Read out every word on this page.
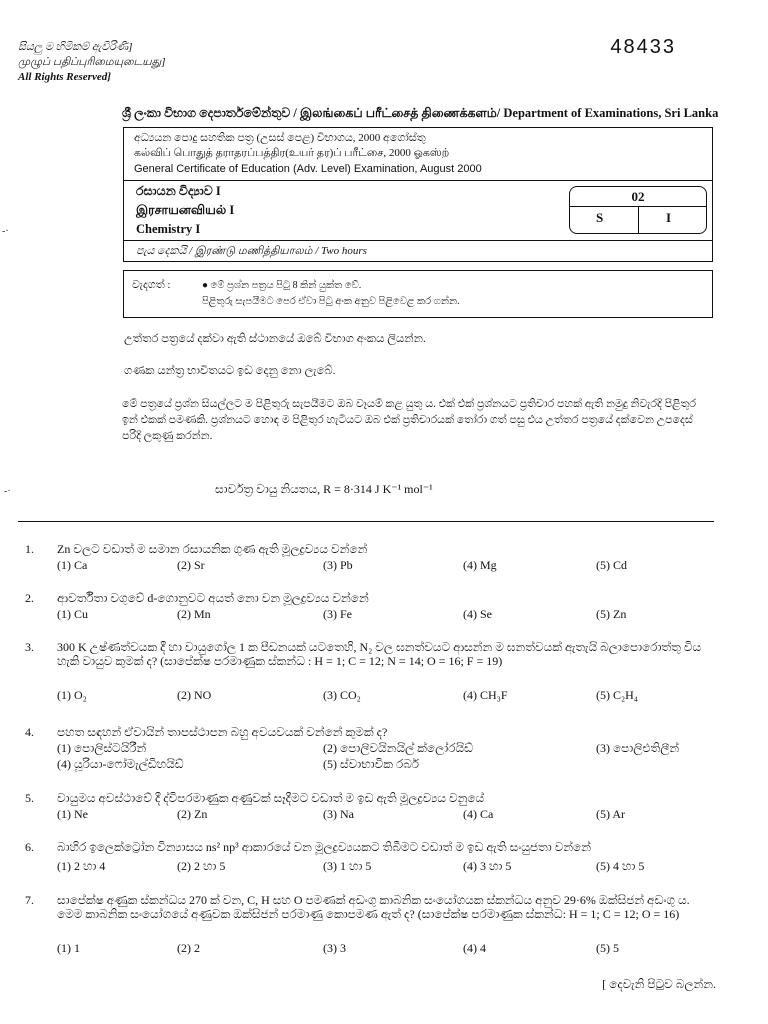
සියලු ම හිමිකම් ඇවිරිණි]
முழுப் பதிப்புரிமையுடையது]
All Rights Reserved]
48433
ශ්‍රී ලංකා විභාග දෙපාර්තමේන්තුව / இலங்கைப் பரீட்சைத் திணைக்களம்/ Department of Examinations, Sri Lanka
අධ්‍යයන පොදු සහතික පත්‍ර (උසස් පෙළ) විභාගය, 2000 අගෝස්තු
கல்விப் பொதுத் தராதரப்பத்திர(உயர் தர)ப் பரீட்சை, 2000 ஓகஸ்ற்
General Certificate of Education (Adv. Level) Examination, August 2000
රසායන විද්‍යාව I
இரசாயனவியல் I
Chemistry I
02
S	I
පැය දෙකයි / இரண்டு மணித்தியாலம் / Two hours
වැදගත් :	● මේ ප්‍රශ්න පත්‍රය පිටු 8 කින් යුක්ත වේ.
පිළිතුරු සැපයීමට පෙර ඒවා පිටු අංක අනුව පිළිවෙළ කර ගන්න.
උත්තර පත්‍රයේ දක්වා ඇති ස්ථානයේ ඔබේ විභාග අංකය ලියන්න.
ගණක යන්ත්‍ර භාවිතයට ඉඩ දෙනු නො ලැබේ.
මේ පත්‍රයේ ප්‍රශ්න සියල්ලට ම පිළිතුරු සැපයීමට ඔබ වෑයම් කළ යුතු ය. එක් එක් ප්‍රශ්නයට ප්‍රතිචාර පහක් ඇති නමුදු නිවැරදි පිළිතුර ඉන් එකක් පමණකි. ප්‍රශ්නයට හොඳ ම පිළිතුර හැටියට ඔබ එක් ප්‍රතිචාරයක් තෝරා ගත් පසු එය උත්තර පත්‍රයේ දක්වෙන උපදෙස් පරිදි ලකුණු කරන්න.
සාර්වත්‍ර වායු නියතය, R = 8·314 J K⁻¹ mol⁻¹
-·
-·
1. Zn වලට වඩාත් ම සමාන රසායනික ගුණ ඇති මූලද්‍රව්‍යය වන්නේ
(1) Ca	(2) Sr	(3) Pb	(4) Mg	(5) Cd
2. ආවර්තිතා වගුවේ d-ගොනුවට අයත් නො වන මූලද්‍රව්‍යය වන්නේ
(1) Cu	(2) Mn	(3) Fe	(4) Se	(5) Zn
3. 300 K උෂ්ණත්වයක දී හා වායුගෝල 1 ක පීඩනයක් යටතෙහි, N₂ වල ඝනත්වයට ආසන්න ම ඝනත්වයක් ඇතැයි බලාපොරොත්තු විය හැකි වායුව කුමක් ද? (සාපේක්ෂ පරමාණුක ස්කන්ධ : H = 1; C = 12; N = 14; O = 16; F = 19)
(1) O₂	(2) NO	(3) CO₂	(4) CH₃F	(5) C₂H₄
4. පහත සඳහන් ඒවායින් තාපස්ථාපන බහු අවයවයක් වන්නේ කුමක් ද?
(1) පොලිස්ටයිරීන්	(2) පොලිවයිනයිල් ක්ලෝරයිඩ්	(3) පොලිඑතිලීන්
(4) යූරියා-ෆෝමැල්ඩිහයිඩ්	(5) ස්වාභාවික රබර්
5. වායුමය අවස්ථාවේ දී ද්විපරමාණුක අණුවක් සෑදීමට වඩාත් ම ඉඩ ඇති මූලද්‍රව්‍යය වනුයේ
(1) Ne	(2) Zn	(3) Na	(4) Ca	(5) Ar
6. බාහිර ඉලෙක්ට්‍රෝන වින්‍යාසය ns² np³ ආකාරයේ වන මූලද්‍රව්‍යයකට තිබීමට වඩාත් ම ඉඩ ඇති සංයුජතා වන්නේ
(1) 2 හා 4	(2) 2 හා 5	(3) 1 හා 5	(4) 3 හා 5	(5) 4 හා 5
7. සාපේක්ෂ අණුක ස්කන්ධය 270 ක් වන, C, H සහ O පමණක් අඩංගු කාබනික සංයෝගයක ස්කන්ධය අනුව 29·6% ඔක්සිජන් අඩංගු ය. මෙම කාබනික සංයෝගයේ අණුවක ඔක්සිජන් පරමාණු කොපමණ ඇත් ද? (සාපේක්ෂ පරමාණුක ස්කන්ධ: H = 1; C = 12; O = 16)
(1) 1	(2) 2	(3) 3	(4) 4	(5) 5
[ දෙවැනි පිටුව බලන්න.
